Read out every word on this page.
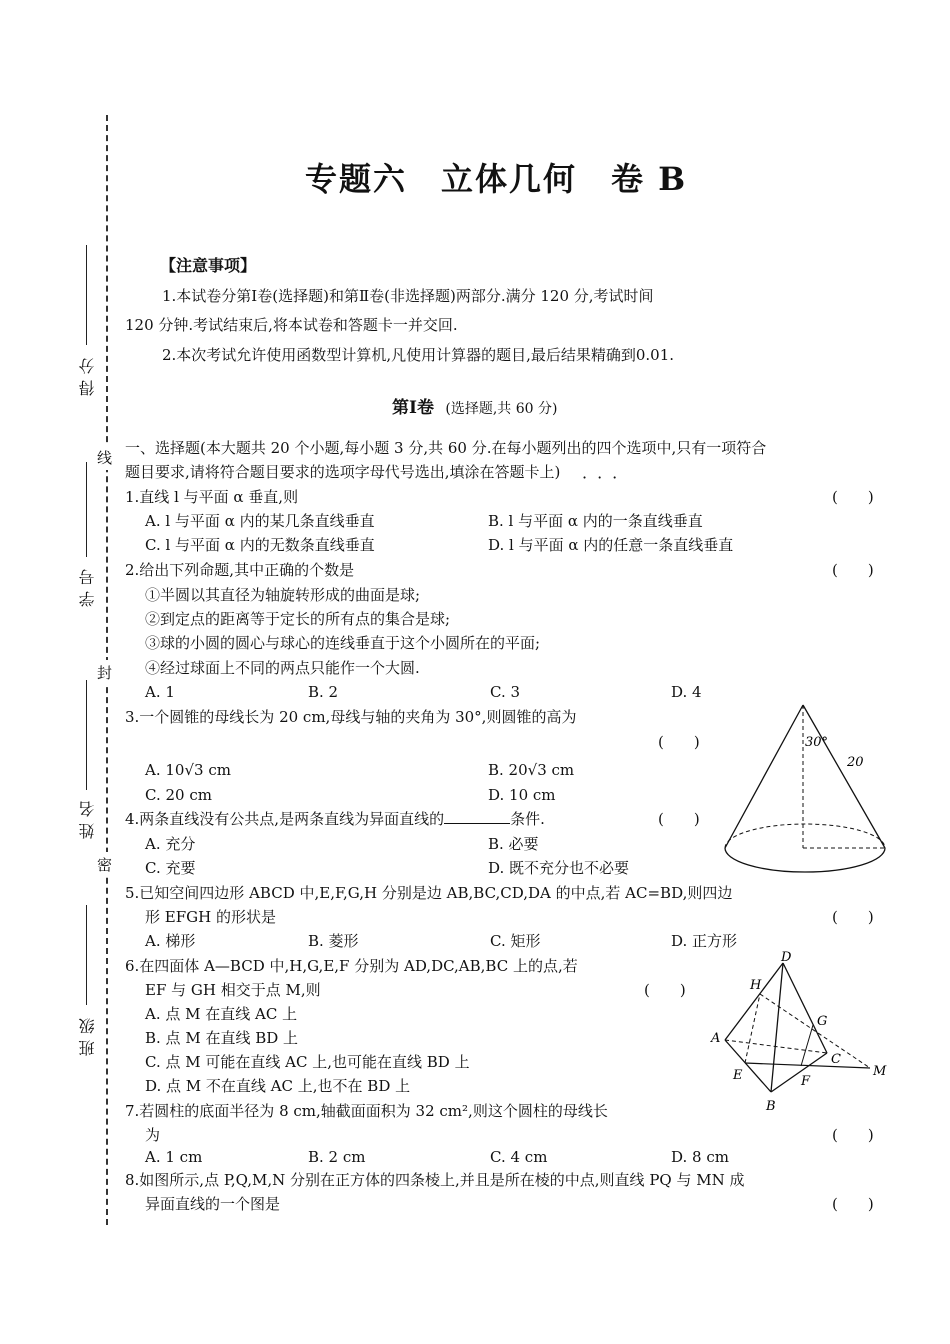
线
封
密
得分
学号
姓名
班级
专题六　立体几何　卷 B
【注意事项】
1.本试卷分第Ⅰ卷(选择题)和第Ⅱ卷(非选择题)两部分.满分 120 分,考试时间
120 分钟.考试结束后,将本试卷和答题卡一并交回.
2.本次考试允许使用函数型计算机,凡使用计算器的题目,最后结果精确到0.01.
第Ⅰ卷 (选择题,共 60 分)
一、选择题(本大题共 20 个小题,每小题 3 分,共 60 分.在每小题列出的四个选项中,只有一项符合
题目要求,请将符合题目要求的选项字母代号选出,填涂在答题卡上) ···
1.直线 l 与平面 α 垂直,则	(　　)
A. l 与平面 α 内的某几条直线垂直	B. l 与平面 α 内的一条直线垂直
C. l 与平面 α 内的无数条直线垂直	D. l 与平面 α 内的任意一条直线垂直
2.给出下列命题,其中正确的个数是	(　　)
①半圆以其直径为轴旋转形成的曲面是球;
②到定点的距离等于定长的所有点的集合是球;
③球的小圆的圆心与球心的连线垂直于这个小圆所在的平面;
④经过球面上不同的两点只能作一个大圆.
A. 1	B. 2	C. 3	D. 4
3.一个圆锥的母线长为 20 cm,母线与轴的夹角为 30°,则圆锥的高为
(　　)
A. 10√3 cm	B. 20√3 cm
C. 20 cm	D. 10 cm
30°
20
4.两条直线没有公共点,是两条直线为异面直线的	条件.	(　　)
A. 充分	B. 必要
C. 充要	D. 既不充分也不必要
5.已知空间四边形 ABCD 中,E,F,G,H 分别是边 AB,BC,CD,DA 的中点,若 AC=BD,则四边
形 EFGH 的形状是	(　　)
A. 梯形	B. 菱形	C. 矩形	D. 正方形
6.在四面体 A—BCD 中,H,G,E,F 分别为 AD,DC,AB,BC 上的点,若
EF 与 GH 相交于点 M,则	(　　)
A. 点 M 在直线 AC 上
B. 点 M 在直线 BD 上
C. 点 M 可能在直线 AC 上,也可能在直线 BD 上
D. 点 M 不在直线 AC 上,也不在 BD 上
D
H
G
A
C
M
E	F
B
7.若圆柱的底面半径为 8 cm,轴截面面积为 32 cm²,则这个圆柱的母线长
为	(　　)
A. 1 cm	B. 2 cm	C. 4 cm	D. 8 cm
8.如图所示,点 P,Q,M,N 分别在正方体的四条棱上,并且是所在棱的中点,则直线 PQ 与 MN 成
异面直线的一个图是	(　　)
